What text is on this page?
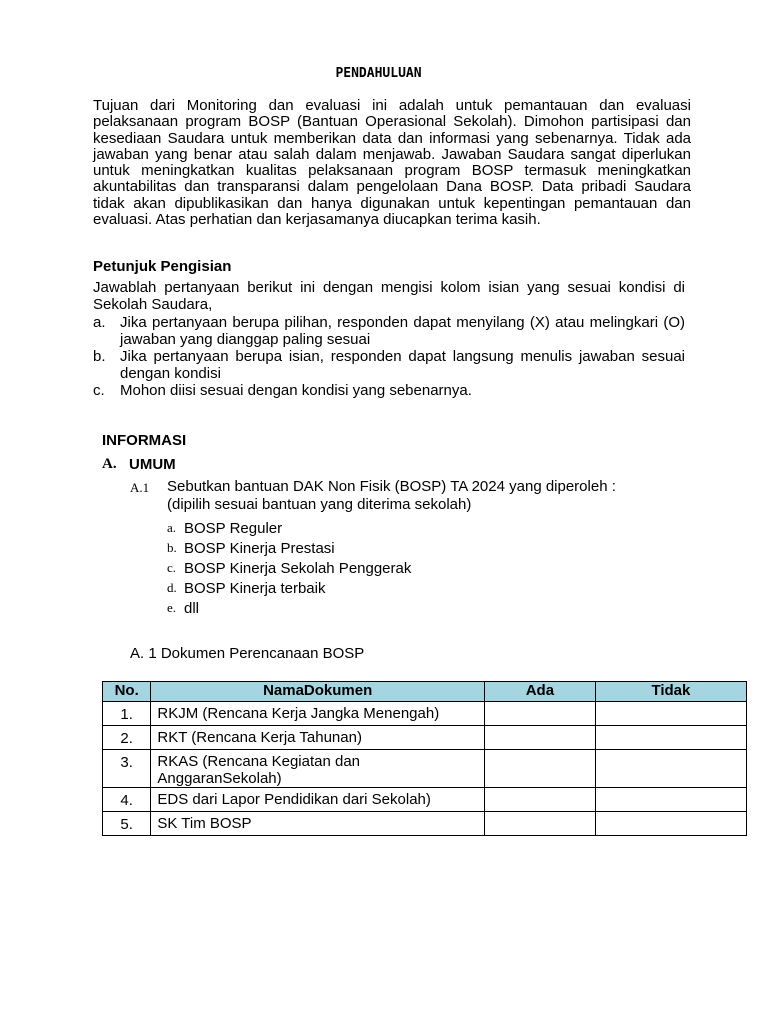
PENDAHULUAN

Tujuan dari Monitoring dan evaluasi ini adalah untuk pemantauan dan evaluasi pelaksanaan program BOSP (Bantuan Operasional Sekolah). Dimohon partisipasi dan kesediaan Saudara untuk memberikan data dan informasi yang sebenarnya. Tidak ada jawaban yang benar atau salah dalam menjawab. Jawaban Saudara sangat diperlukan untuk meningkatkan kualitas pelaksanaan program BOSP termasuk meningkatkan akuntabilitas dan transparansi dalam pengelolaan Dana BOSP. Data pribadi Saudara tidak akan dipublikasikan dan hanya digunakan untuk kepentingan pemantauan dan evaluasi. Atas perhatian dan kerjasamanya diucapkan terima kasih.

Petunjuk Pengisian

Jawablah pertanyaan berikut ini dengan mengisi kolom isian yang sesuai kondisi di Sekolah Saudara,

a. Jika pertanyaan berupa pilihan, responden dapat menyilang (X) atau melingkari (O) jawaban yang dianggap paling sesuai
b. Jika pertanyaan berupa isian, responden dapat langsung menulis jawaban sesuai dengan kondisi
c.	Mohon diisi sesuai dengan kondisi yang sebenarnya.
INFORMASI
A. UMUM
A.1	Sebutkan bantuan DAK Non Fisik (BOSP) TA 2024 yang diperoleh :
(dipilih sesuai bantuan yang diterima sekolah)
a. BOSP Reguler
b. BOSP Kinerja Prestasi
c. BOSP Kinerja Sekolah Penggerak
d. BOSP Kinerja terbaik
e. dll
A. 1 Dokumen Perencanaan BOSP
No.	NamaDokumen	Ada	Tidak
1.	RKJM (Rencana Kerja Jangka Menengah)		
2.	RKT (Rencana Kerja Tahunan)		
3.	RKAS (Rencana Kegiatan dan AnggaranSekolah)		
4.	EDS dari Lapor Pendidikan dari Sekolah)		
5.	SK Tim BOSP		
